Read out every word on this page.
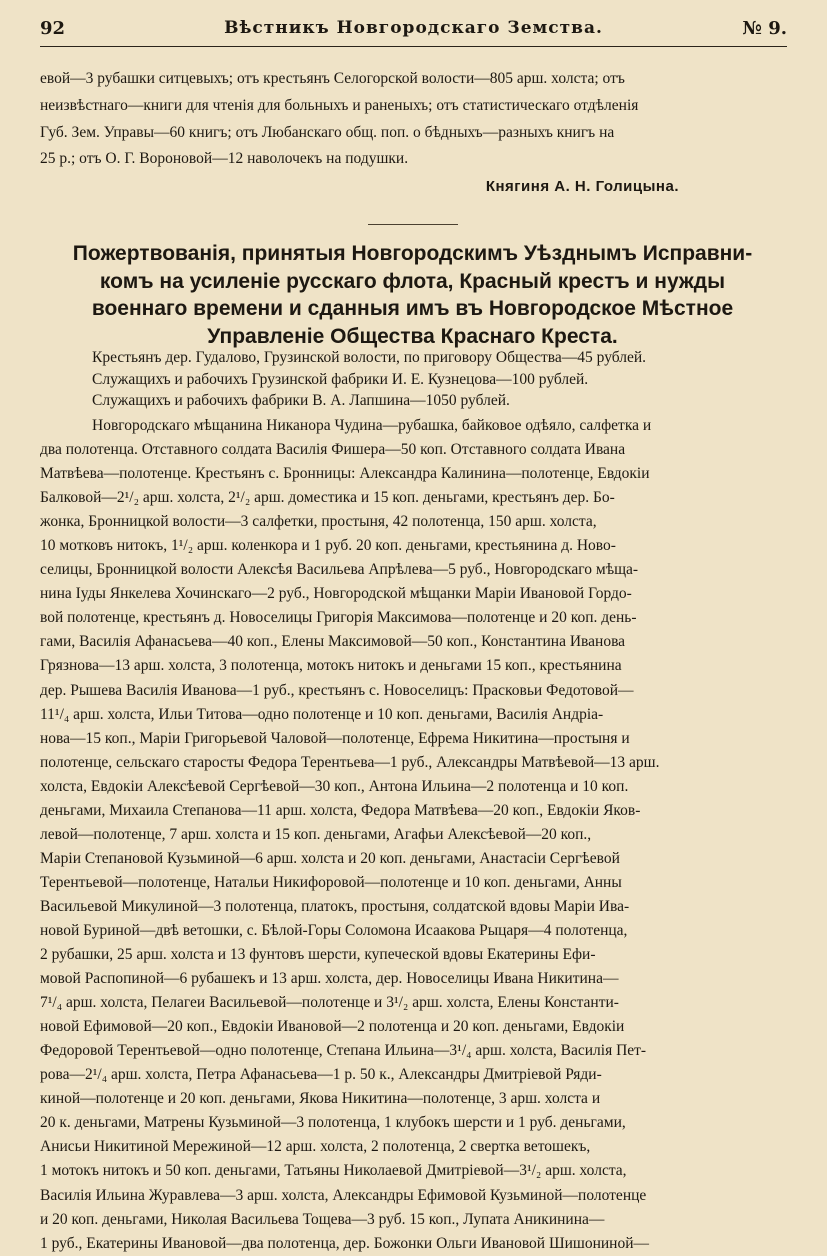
92	Вѣстникъ Новгородскаго Земства.	№ 9.
евой—3 рубашки ситцевыхъ; отъ крестьянъ Селогорской волости—805 арш. холста; отъ
неизвѣстнаго—книги для чтенія для больныхъ и раненыхъ; отъ статистическаго отдѣленія
Губ. Зем. Управы—60 книгъ; отъ Любанскаго общ. поп. о бѣдныхъ—разныхъ книгъ на
25 р.; отъ О. Г. Вороновой—12 наволочекъ на подушки.
Княгиня А. Н. Голицына.
Пожертвованія, принятыя Новгородскимъ Уѣзднымъ Исправни-
комъ на усиленіе русскаго флота, Красный крестъ и нужды
военнаго времени и сданныя имъ въ Новгородское Мѣстное
Управленіе Общества Краснаго Креста.
Крестьянъ дер. Гудалово, Грузинской волости, по приговору Общества—45 рублей.
Служащихъ и рабочихъ Грузинской фабрики И. Е. Кузнецова—100 рублей.
Служащихъ и рабочихъ фабрики В. А. Лапшина—1050 рублей.
Новгородскаго мѣщанина Никанора Чудина—рубашка, байковое одѣяло, салфетка и
два полотенца. Отставного солдата Василія Фишера—50 коп. Отставного солдата Ивана
Матвѣева—полотенце. Крестьянъ с. Бронницы: Александра Калинина—полотенце, Евдокіи
Балковой—2¹/₂ арш. холста, 2¹/₂ арш. доместика и 15 коп. деньгами, крестьянъ дер. Бо-
жонка, Бронницкой волости—3 салфетки, простыня, 42 полотенца, 150 арш. холста,
10 мотковъ нитокъ, 1¹/₂ арш. коленкора и 1 руб. 20 коп. деньгами, крестьянина д. Ново-
селицы, Бронницкой волости Алексѣя Васильева Апрѣлева—5 руб., Новгородскаго мѣща-
нина Іуды Янкелева Хочинскаго—2 руб., Новгородской мѣщанки Маріи Ивановой Гордо-
вой полотенце, крестьянъ д. Новоселицы Григорія Максимова—полотенце и 20 коп. день-
гами, Василія Афанасьева—40 коп., Елены Максимовой—50 коп., Константина Иванова
Грязнова—13 арш. холста, 3 полотенца, мотокъ нитокъ и деньгами 15 коп., крестьянина
дер. Рышева Василія Иванова—1 руб., крестьянъ с. Новоселицъ: Прасковьи Федотовой—
11¹/₄ арш. холста, Ильи Титова—одно полотенце и 10 коп. деньгами, Василія Андріа-
нова—15 коп., Маріи Григорьевой Чаловой—полотенце, Ефрема Никитина—простыня и
полотенце, сельскаго старосты Федора Терентьева—1 руб., Александры Матвѣевой—13 арш.
холста, Евдокіи Алексѣевой Сергѣевой—30 коп., Антона Ильина—2 полотенца и 10 коп.
деньгами, Михаила Степанова—11 арш. холста, Федора Матвѣева—20 коп., Евдокіи Яков-
левой—полотенце, 7 арш. холста и 15 коп. деньгами, Агафьи Алексѣевой—20 коп.,
Маріи Степановой Кузьминой—6 арш. холста и 20 коп. деньгами, Анастасіи Сергѣевой
Терентьевой—полотенце, Натальи Никифоровой—полотенце и 10 коп. деньгами, Анны
Васильевой Микулиной—3 полотенца, платокъ, простыня, солдатской вдовы Маріи Ива-
новой Буриной—двѣ ветошки, с. Бѣлой-Горы Соломона Исаакова Рыцаря—4 полотенца,
2 рубашки, 25 арш. холста и 13 фунтовъ шерсти, купеческой вдовы Екатерины Ефи-
мовой Распопиной—6 рубашекъ и 13 арш. холста, дер. Новоселицы Ивана Никитина—
7¹/₄ арш. холста, Пелагеи Васильевой—полотенце и 3¹/₂ арш. холста, Елены Константи-
новой Ефимовой—20 коп., Евдокіи Ивановой—2 полотенца и 20 коп. деньгами, Евдокіи
Федоровой Терентьевой—одно полотенце, Степана Ильина—3¹/₄ арш. холста, Василія Пет-
рова—2¹/₄ арш. холста, Петра Афанасьева—1 р. 50 к., Александры Дмитріевой Ряди-
киной—полотенце и 20 коп. деньгами, Якова Никитина—полотенце, 3 арш. холста и
20 к. деньгами, Матрены Кузьминой—3 полотенца, 1 клубокъ шерсти и 1 руб. деньгами,
Анисьи Никитиной Мережиной—12 арш. холста, 2 полотенца, 2 свертка ветошекъ,
1 мотокъ нитокъ и 50 коп. деньгами, Татьяны Николаевой Дмитріевой—3¹/₂ арш. холста,
Василія Ильина Журавлева—3 арш. холста, Александры Ефимовой Кузьминой—полотенце
и 20 коп. деньгами, Николая Васильева Тощева—3 руб. 15 коп., Лупата Аникинина—
1 руб., Екатерины Ивановой—два полотенца, дер. Божонки Ольги Ивановой Шишониной—
